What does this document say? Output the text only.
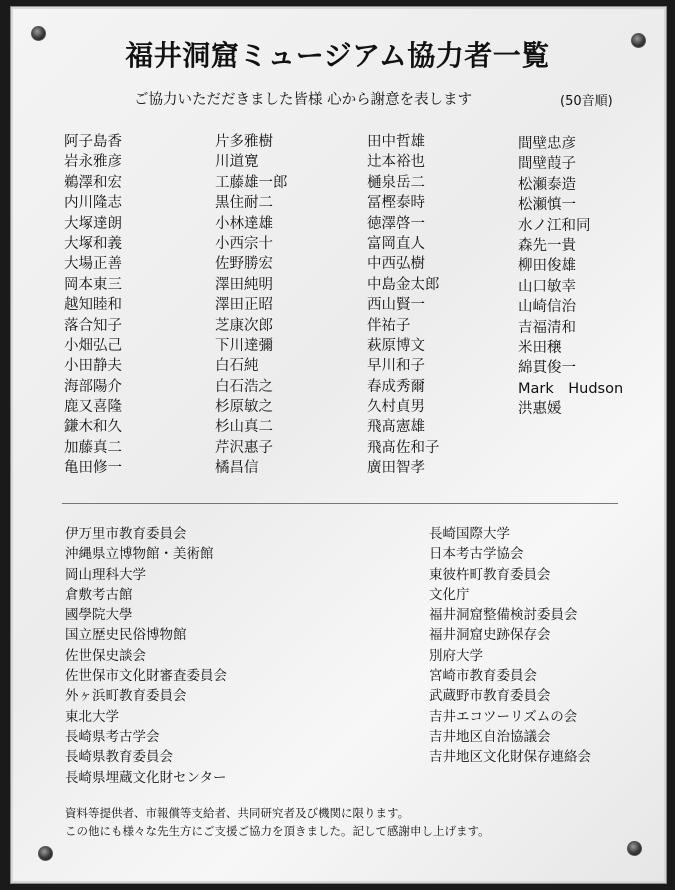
福井洞窟ミュージアム協力者一覧
ご協力いただだきました皆様 心から謝意を表します	(50音順)
阿子島香
岩永雅彦
鵜澤和宏
内川隆志
大塚達朗
大塚和義
大場正善
岡本東三
越知睦和
落合知子
小畑弘己
小田静夫
海部陽介
鹿又喜隆
鎌木和久
加藤真二
亀田修一
片多雅樹
川道寛
工藤雄一郎
黒住耐二
小林達雄
小西宗十
佐野勝宏
澤田純明
澤田正昭
芝康次郎
下川達彌
白石純
白石浩之
杉原敏之
杉山真二
芹沢惠子
橘昌信
田中哲雄
辻本裕也
樋泉岳二
冨樫泰時
徳澤啓一
富岡直人
中西弘樹
中島金太郎
西山賢一
伴祐子
萩原博文
早川和子
春成秀爾
久村貞男
飛髙憲雄
飛髙佐和子
廣田智孝
間壁忠彦
間壁葭子
松瀬泰造
松瀬慎一
水ノ江和同
森先一貴
柳田俊雄
山口敏幸
山崎信治
吉福清和
米田穣
綿貫俊一
Mark　Hudson
洪惠媛
伊万里市教育委員会
沖縄県立博物館・美術館
岡山理科大学
倉敷考古館
國學院大學
国立歴史民俗博物館
佐世保史談会
佐世保市文化財審査委員会
外ヶ浜町教育委員会
東北大学
長崎県考古学会
長崎県教育委員会
長崎県埋蔵文化財センター
長崎国際大学
日本考古学協会
東彼杵町教育委員会
文化庁
福井洞窟整備検討委員会
福井洞窟史跡保存会
別府大学
宮崎市教育委員会
武蔵野市教育委員会
吉井エコツーリズムの会
吉井地区自治協議会
吉井地区文化財保存連絡会
資料等提供者、市報償等支給者、共同研究者及び機関に限ります。
この他にも様々な先生方にご支援ご協力を頂きました。記して感謝申し上げます。
